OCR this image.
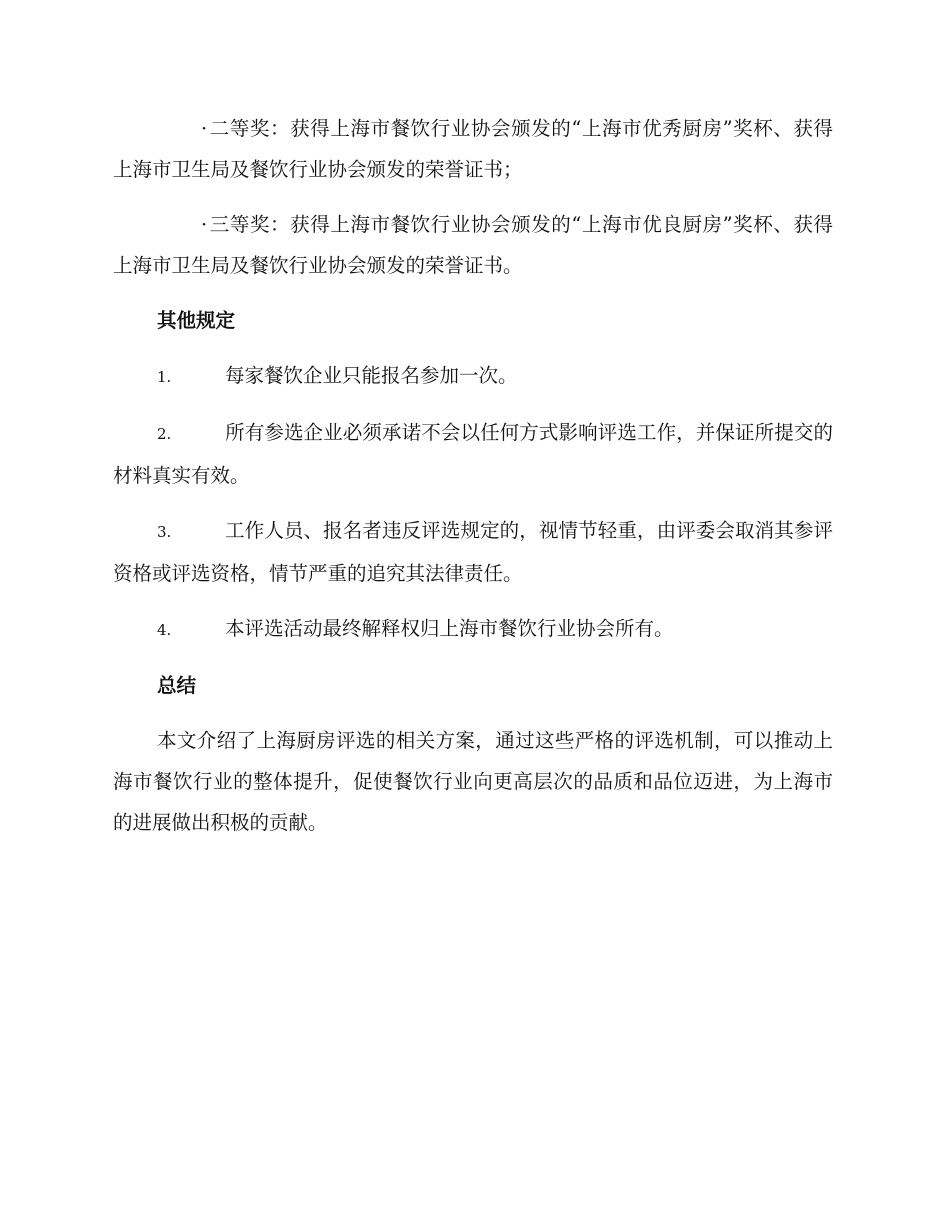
· 二等奖：获得上海市餐饮行业协会颁发的“上海市优秀厨房”奖杯、获得上海市卫生局及餐饮行业协会颁发的荣誉证书；

· 三等奖：获得上海市餐饮行业协会颁发的“上海市优良厨房”奖杯、获得上海市卫生局及餐饮行业协会颁发的荣誉证书。

其他规定

1.	每家餐饮企业只能报名参加一次。

2.	所有参选企业必须承诺不会以任何方式影响评选工作，并保证所提交的材料真实有效。

3.	工作人员、报名者违反评选规定的，视情节轻重，由评委会取消其参评资格或评选资格，情节严重的追究其法律责任。

4.	本评选活动最终解释权归上海市餐饮行业协会所有。

总结

本文介绍了上海厨房评选的相关方案，通过这些严格的评选机制，可以推动上海市餐饮行业的整体提升，促使餐饮行业向更高层次的品质和品位迈进，为上海市的进展做出积极的贡献。
